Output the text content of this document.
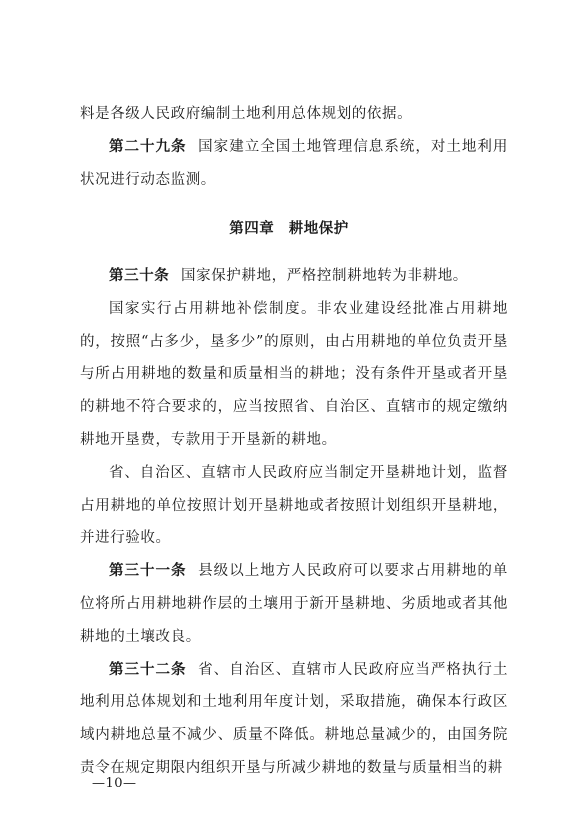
料是各级人民政府编制土地利用总体规划的依据。

第二十九条 国家建立全国土地管理信息系统，对土地利用状况进行动态监测。

第四章 耕地保护

第三十条 国家保护耕地，严格控制耕地转为非耕地。

国家实行占用耕地补偿制度。非农业建设经批准占用耕地的，按照“占多少，垦多少”的原则，由占用耕地的单位负责开垦与所占用耕地的数量和质量相当的耕地；没有条件开垦或者开垦的耕地不符合要求的，应当按照省、自治区、直辖市的规定缴纳耕地开垦费，专款用于开垦新的耕地。

省、自治区、直辖市人民政府应当制定开垦耕地计划，监督占用耕地的单位按照计划开垦耕地或者按照计划组织开垦耕地，并进行验收。

第三十一条 县级以上地方人民政府可以要求占用耕地的单位将所占用耕地耕作层的土壤用于新开垦耕地、劣质地或者其他耕地的土壤改良。

第三十二条 省、自治区、直辖市人民政府应当严格执行土地利用总体规划和土地利用年度计划，采取措施，确保本行政区域内耕地总量不减少、质量不降低。耕地总量减少的，由国务院责令在规定期限内组织开垦与所减少耕地的数量与质量相当的耕

—10—
